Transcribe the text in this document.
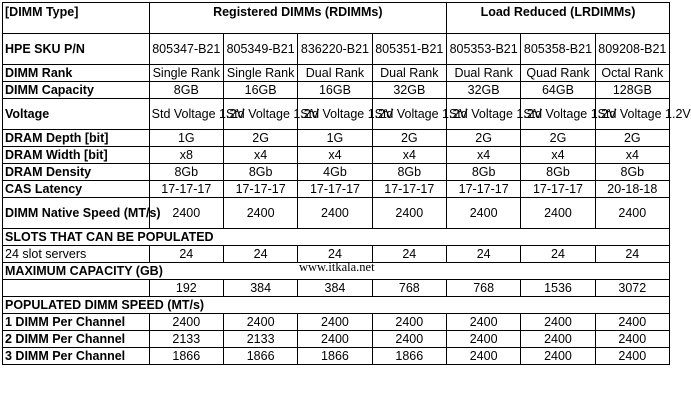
[DIMM Type]	Registered DIMMs (RDIMMs)				Load Reduced (LRDIMMs)		
HPE SKU P/N	805347-B21	805349-B21	836220-B21	805351-B21	805353-B21	805358-B21	809208-B21
DIMM Rank	Single Rank	Single Rank	Dual Rank	Dual Rank	Dual Rank	Quad Rank	Octal Rank
DIMM Capacity	8GB	16GB	16GB	32GB	32GB	64GB	128GB
Voltage	Std Voltage 1.2V	Std Voltage 1.2V	Std Voltage 1.2V	Std Voltage 1.2V	Std Voltage 1.2V	Std Voltage 1.2V	Std Voltage 1.2V
DRAM Depth [bit]	1G	2G	1G	2G	2G	2G	2G
DRAM Width [bit]	x8	x4	x4	x4	x4	x4	x4
DRAM Density	8Gb	8Gb	4Gb	8Gb	8Gb	8Gb	8Gb
CAS Latency	17-17-17	17-17-17	17-17-17	17-17-17	17-17-17	17-17-17	20-18-18
DIMM Native Speed (MT/s)	2400	2400	2400	2400	2400	2400	2400
SLOTS THAT CAN BE POPULATED							
24 slot servers	24	24	24	24	24	24	24
MAXIMUM CAPACITY (GB)							
	192	384	384	768	768	1536	3072
POPULATED DIMM SPEED (MT/s)							
1 DIMM Per Channel	2400	2400	2400	2400	2400	2400	2400
2 DIMM Per Channel	2133	2133	2400	2400	2400	2400	2400
3 DIMM Per Channel	1866	1866	1866	1866	2400	2400	2400
www.itkala.net
